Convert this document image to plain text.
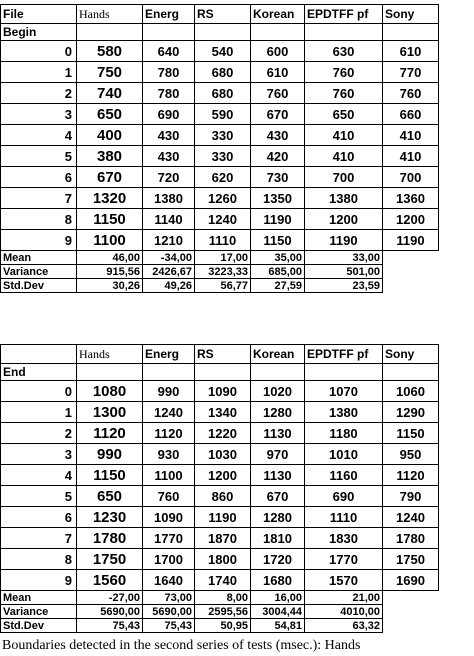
File	Hands	Energ	RS	Korean	EPDTFF pf	Sony
Begin						
0	580	640	540	600	630	610
1	750	780	680	610	760	770
2	740	780	680	760	760	760
3	650	690	590	670	650	660
4	400	430	330	430	410	410
5	380	430	330	420	410	410
6	670	720	620	730	700	700
7	1320	1380	1260	1350	1380	1360
8	1150	1140	1240	1190	1200	1200
9	1100	1210	1110	1150	1190	1190
Mean	46,00	-34,00	17,00	35,00	33,00	
Variance	915,56	2426,67	3223,33	685,00	501,00	
Std.Dev	30,26	49,26	56,77	27,59	23,59	
	Hands	Energ	RS	Korean	EPDTFF pf	Sony
End						
0	1080	990	1090	1020	1070	1060
1	1300	1240	1340	1280	1380	1290
2	1120	1120	1220	1130	1180	1150
3	990	930	1030	970	1010	950
4	1150	1100	1200	1130	1160	1120
5	650	760	860	670	690	790
6	1230	1090	1190	1280	1110	1240
7	1780	1770	1870	1810	1830	1780
8	1750	1700	1800	1720	1770	1750
9	1560	1640	1740	1680	1570	1690
Mean	-27,00	73,00	8,00	16,00	21,00	
Variance	5690,00	5690,00	2595,56	3004,44	4010,00	
Std.Dev	75,43	75,43	50,95	54,81	63,32	
Boundaries detected in the second series of tests (msec.): Hands
